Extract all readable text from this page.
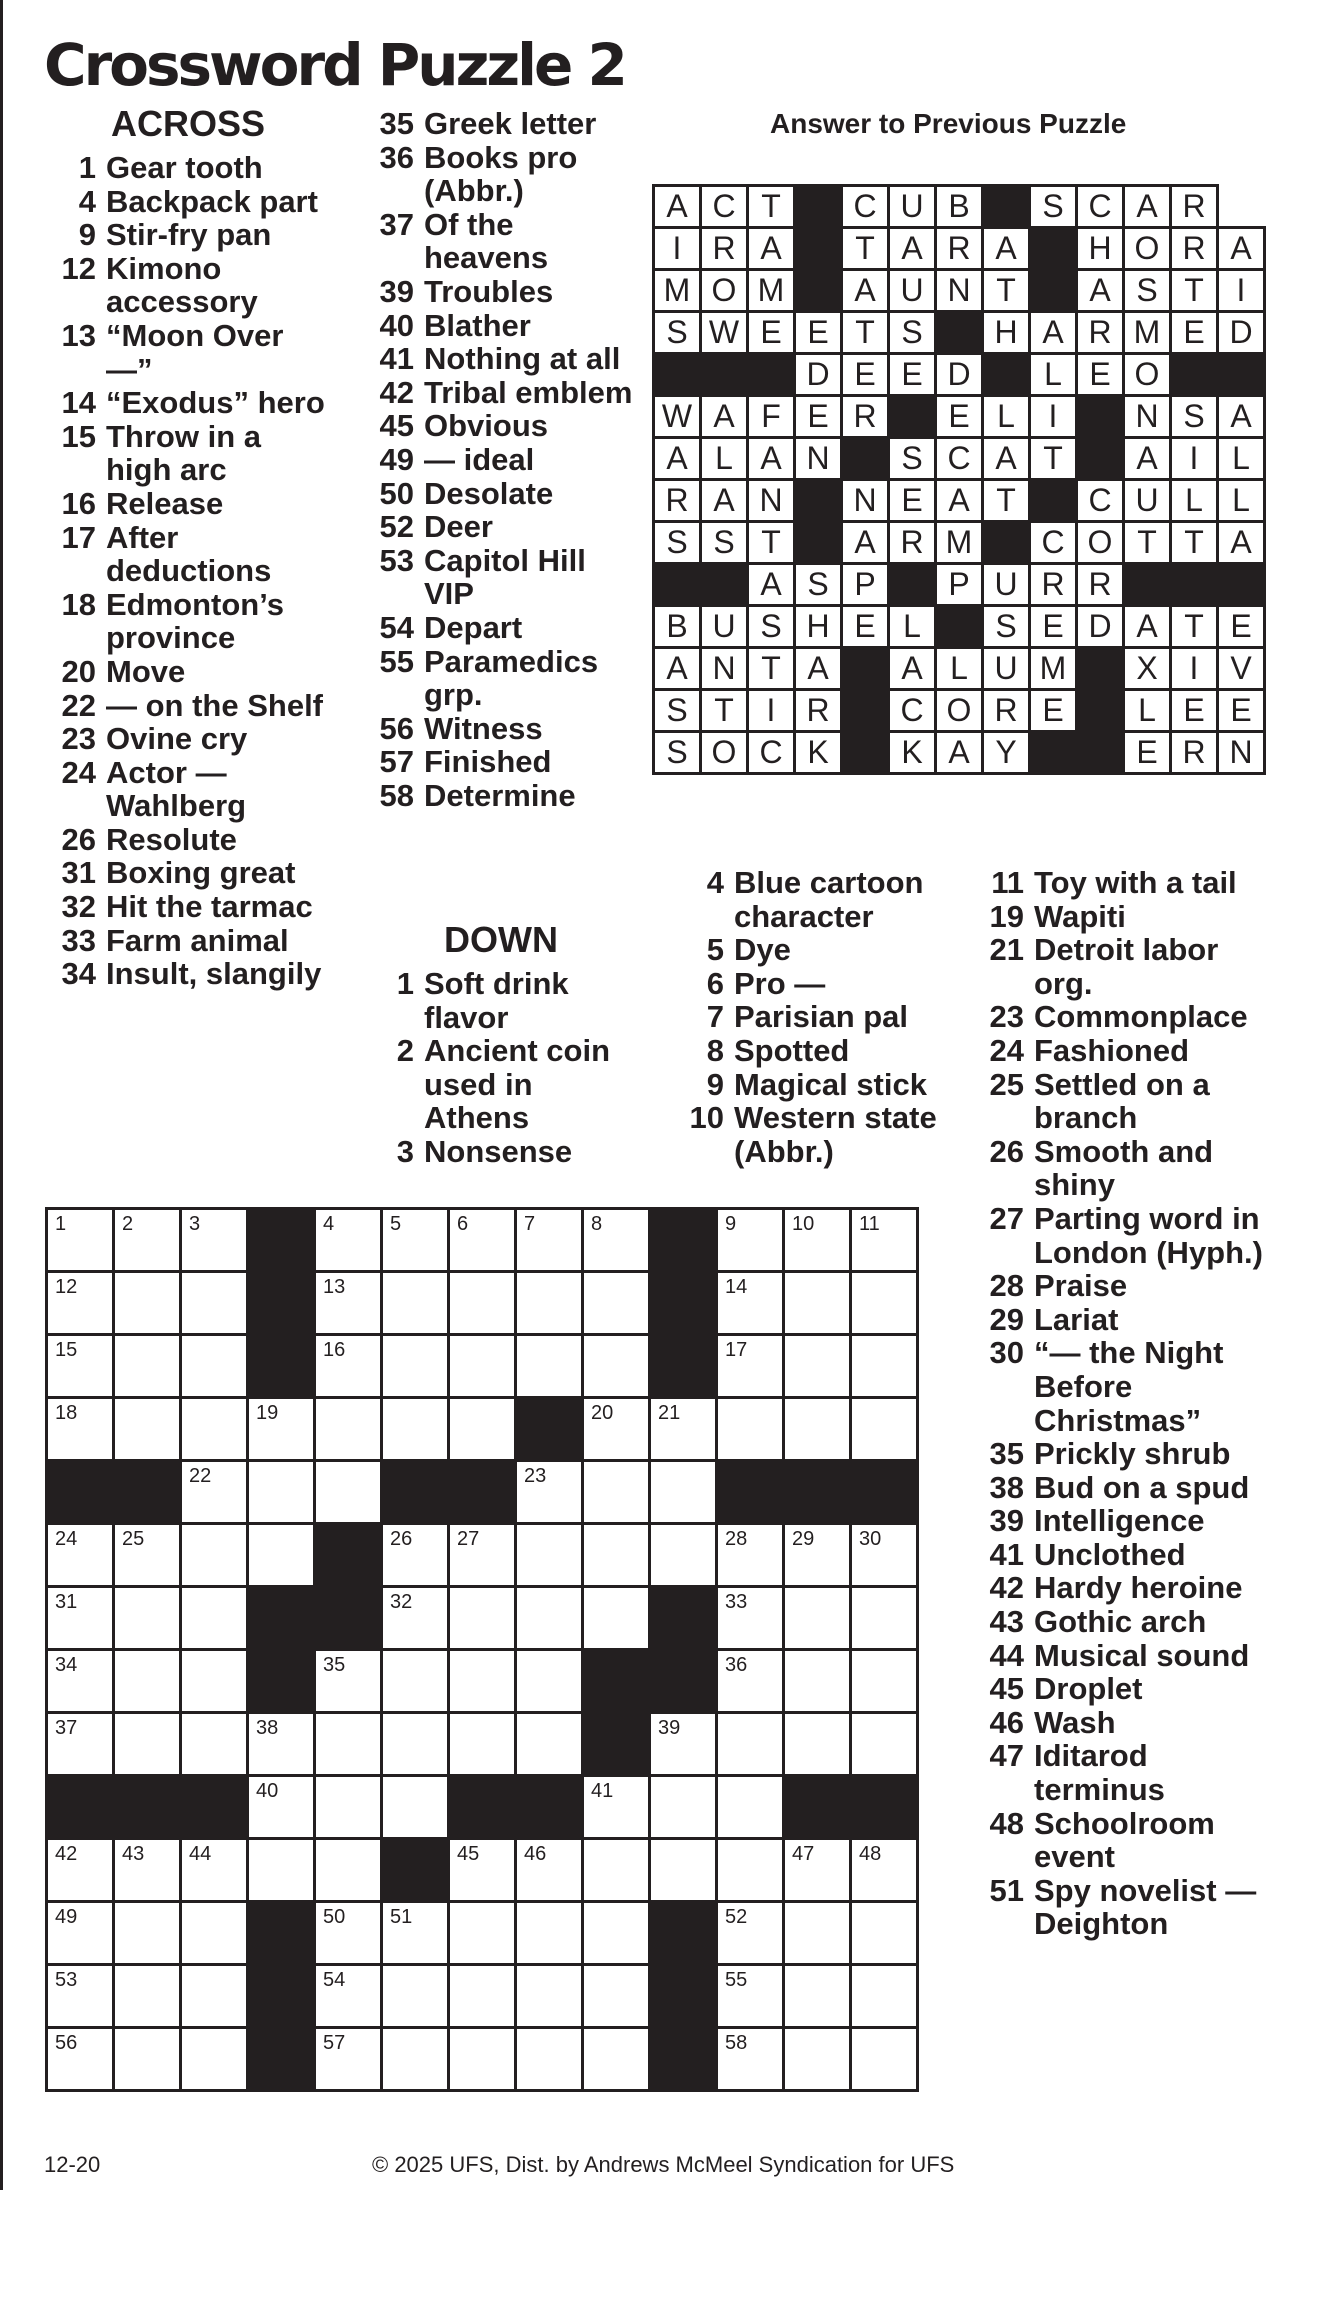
Crossword Puzzle 2
ACROSS
1 Gear tooth
4 Backpack part
9 Stir-fry pan
12 Kimono accessory
13 “Moon Over —”
14 “Exodus” hero
15 Throw in a high arc
16 Release
17 After deductions
18 Edmonton’s province
20 Move
22 — on the Shelf
23 Ovine cry
24 Actor — Wahlberg
26 Resolute
31 Boxing great
32 Hit the tarmac
33 Farm animal
34 Insult, slangily
35 Greek letter
36 Books pro (Abbr.)
37 Of the heavens
39 Troubles
40 Blather
41 Nothing at all
42 Tribal emblem
45 Obvious
49 — ideal
50 Desolate
52 Deer
53 Capitol Hill VIP
54 Depart
55 Paramedics grp.
56 Witness
57 Finished
58 Determine
DOWN
1 Soft drink flavor
2 Ancient coin used in Athens
3 Nonsense
4 Blue cartoon character
5 Dye
6 Pro —
7 Parisian pal
8 Spotted
9 Magical stick
10 Western state (Abbr.)
11 Toy with a tail
19 Wapiti
21 Detroit labor org.
23 Commonplace
24 Fashioned
25 Settled on a branch
26 Smooth and shiny
27 Parting word in London (Hyph.)
28 Praise
29 Lariat
30 “— the Night Before Christmas”
35 Prickly shrub
38 Bud on a spud
39 Intelligence
41 Unclothed
42 Hardy heroine
43 Gothic arch
44 Musical sound
45 Droplet
46 Wash
47 Iditarod terminus
48 Schoolroom event
51 Spy novelist — Deighton
Answer to Previous Puzzle
A	C	T		C	U	B		S	C	A	R	
I	R	A		T	A	R	A		H	O	R	A
M	O	M		A	U	N	T		A	S	T	I
S	W	E	E	T	S		H	A	R	M	E	D
			D	E	E	D		L	E	O		
W	A	F	E	R		E	L	I		N	S	A
A	L	A	N		S	C	A	T		A	I	L
R	A	N		N	E	A	T		C	U	L	L
S	S	T		A	R	M		C	O	T	T	A
		A	S	P		P	U	R	R			
B	U	S	H	E	L		S	E	D	A	T	E
A	N	T	A		A	L	U	M		X	I	V
S	T	I	R		C	O	R	E		L	E	E
S	O	C	K		K	A	Y			E	R	N
1	2	3		4	5	6	7	8		9	10	11

12				13						14		

15				16						17		

18			19					20	21			

		22					23					

24	25				26	27				28	29	30

31					32					33		

34				35						36		

37			38						39			

			40					41				

42	43	44				45	46				47	48

49				50	51					52		

53				54						55		

56				57						58		

12-20	© 2025 UFS, Dist. by Andrews McMeel Syndication for UFS
